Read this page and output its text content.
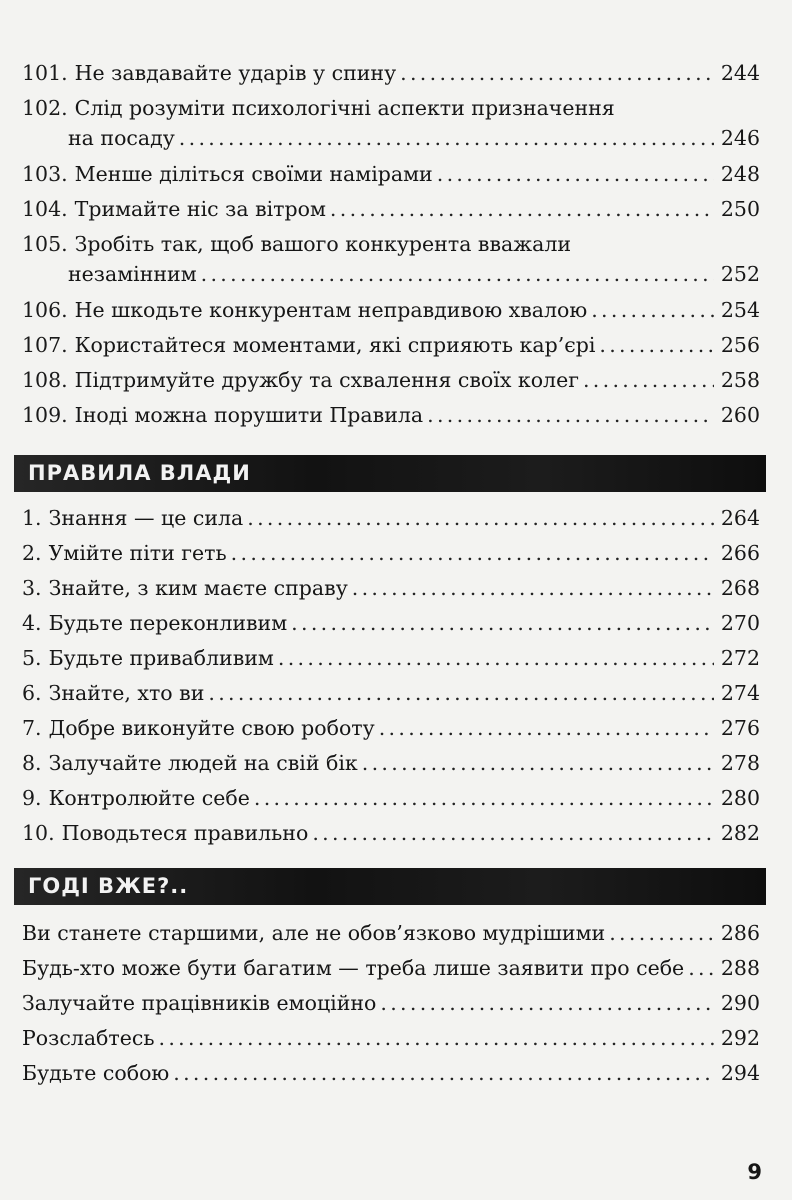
101. Не завдавайте ударів у спину . . .	244
102. Слід розуміти психологічні аспекти призначення
на посаду . . .	246
103. Менше діліться своїми намірами . . .	248
104. Тримайте ніс за вітром . . .	250
105. Зробіть так, щоб вашого конкурента вважали
незамінним . . .	252
106. Не шкодьте конкурентам неправдивою хвалою . . .	254
107. Користайтеся моментами, які сприяють кар’єрі . . .	256
108. Підтримуйте дружбу та схвалення своїх колег . . .	258
109. Іноді можна порушити Правила . . .	260
ПРАВИЛА ВЛАДИ
1. Знання — це сила . . .	264
2. Умійте піти геть . . .	266
3. Знайте, з ким маєте справу . . .	268
4. Будьте переконливим . . .	270
5. Будьте привабливим . . .	272
6. Знайте, хто ви . . .	274
7. Добре виконуйте свою роботу . . .	276
8. Залучайте людей на свій бік . . .	278
9. Контролюйте себе . . .	280
10. Поводьтеся правильно . . .	282
ГОДІ ВЖЕ?..
Ви станете старшими, але не обов’язково мудрішими . . .	286
Будь-хто може бути багатим — треба лише заявити про себе . . . 288
Залучайте працівників емоційно . . .	290
Розслабтесь . . .	292
Будьте собою . . .	294
9
